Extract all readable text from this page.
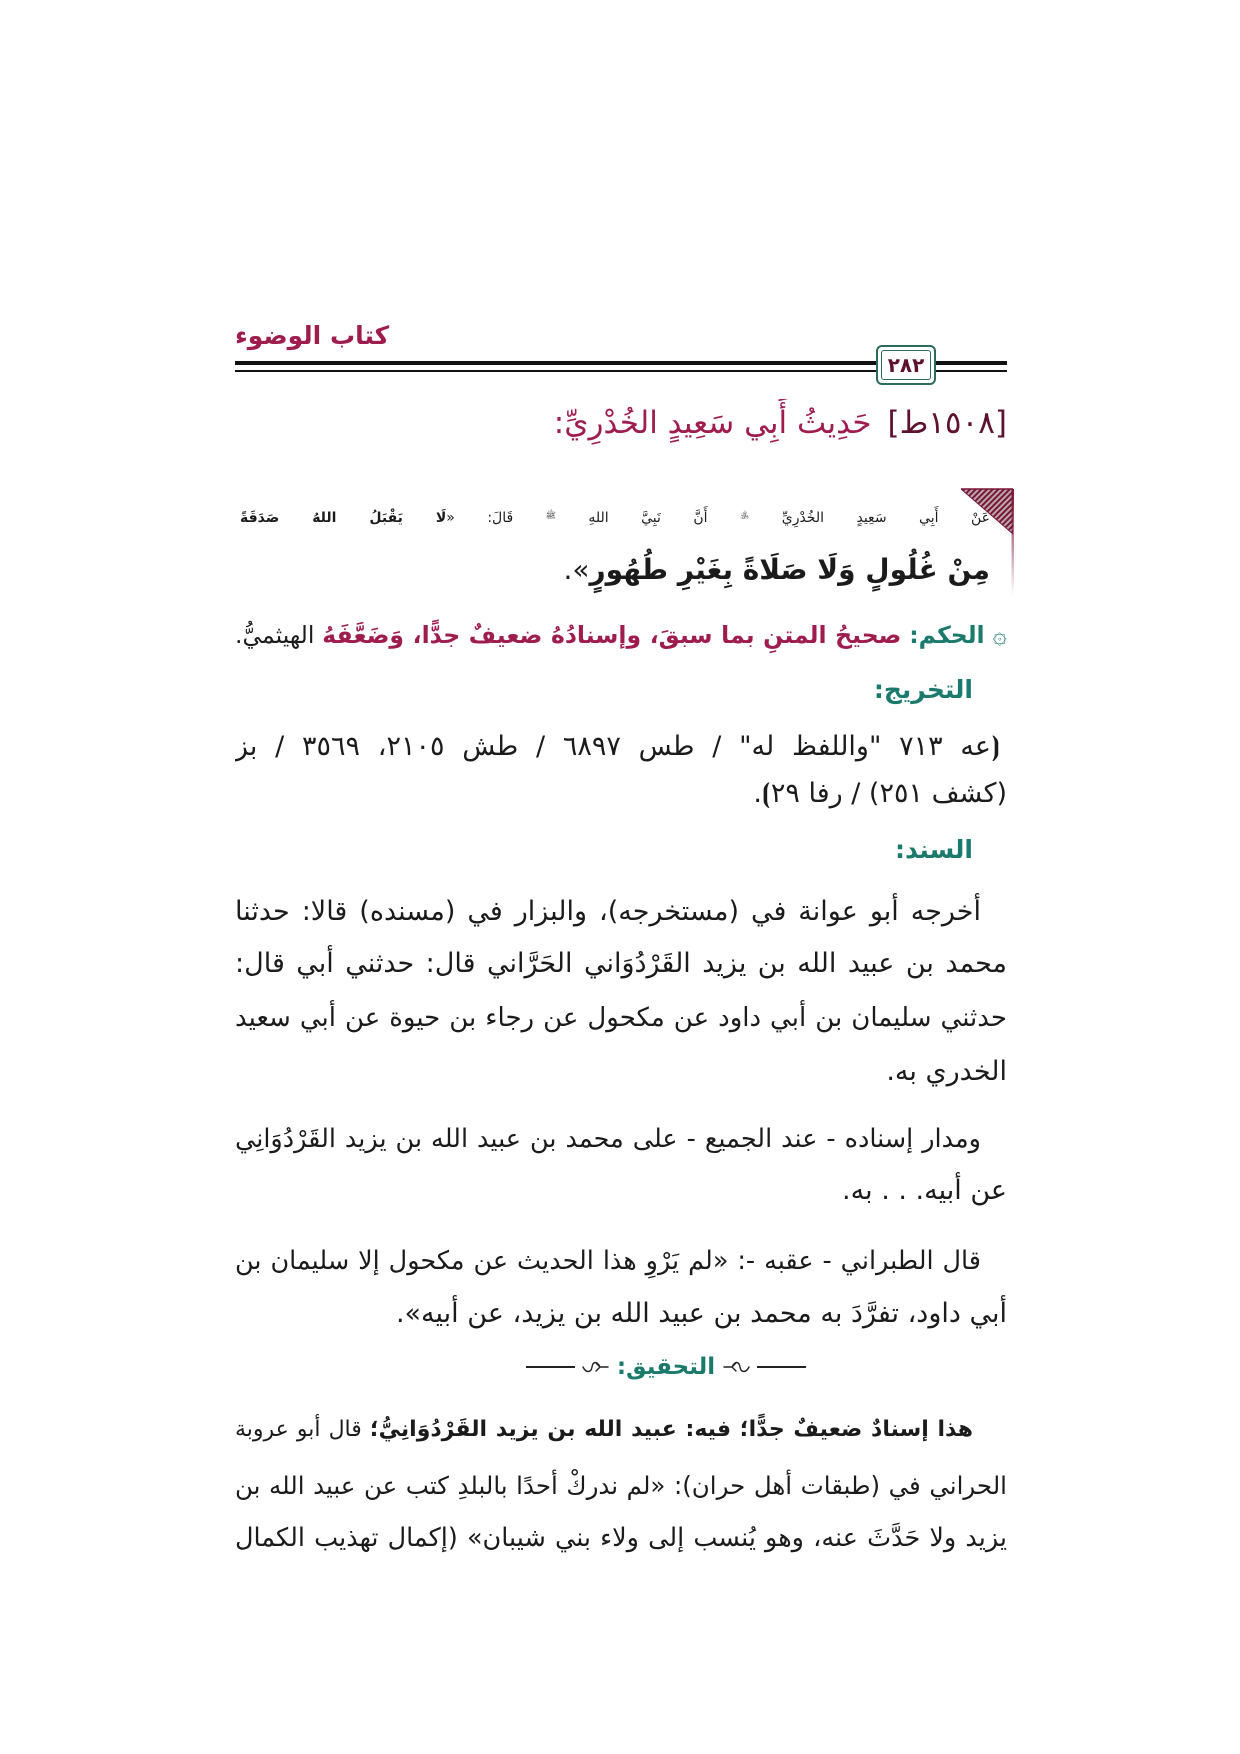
كتاب الوضوء
٢٨٢
[١٥٠٨ط]حَدِيثُ أَبِي سَعِيدٍ الخُدْرِيِّ:
عَنْ أَبِي سَعِيدٍ الخُدْرِيِّ ﵁ أَنَّ نَبِيَّ اللهِ $^ﷺ$ قَالَ: «لَا يَقْبَلُ اللهُ صَدَقَةً
مِنْ غُلُولٍ وَلَا صَلَاةً بِغَيْرِ طُهُورٍ».
۞ الحكم: صحيحُ المتنِ بما سبقَ، وإسنادُهُ ضعيفٌ جدًّا، وَضَعَّفَهُ الهيثميُّ.
التخريج:
⦗عه ٧١٣ "واللفظ له" / طس ٦٨٩٧ / طش ٢١٠٥، ٣٥٦٩ / بز
(كشف ٢٥١) / رفا ٢٩⦘.
السند:
أخرجه أبو عوانة في (مستخرجه)، والبزار في (مسنده) قالا: حدثنا
محمد بن عبيد الله بن يزيد القَرْدُوَاني الحَرَّاني قال: حدثني أبي قال:
حدثني سليمان بن أبي داود عن مكحول عن رجاء بن حيوة عن أبي سعيد
الخدري به.
ومدار إسناده - عند الجميع - على محمد بن عبيد الله بن يزيد القَرْدُوَانِي
عن أبيه. . . به.
قال الطبراني - عقبه -: «لم يَرْوِ هذا الحديث عن مكحول إلا سليمان بن
أبي داود، تفرَّدَ به محمد بن عبيد الله بن يزيد، عن أبيه».
التحقيق:
هذا إسنادٌ ضعيفٌ جدًّا؛ فيه: عبيد الله بن يزيد القَرْدُوَانِيُّ؛ قال أبو عروبة
الحراني في (طبقات أهل حران): «لم ندركْ أحدًا بالبلدِ كتب عن عبيد الله بن
يزيد ولا حَدَّثَ عنه، وهو يُنسب إلى ولاء بني شيبان» (إكمال تهذيب الكمال
